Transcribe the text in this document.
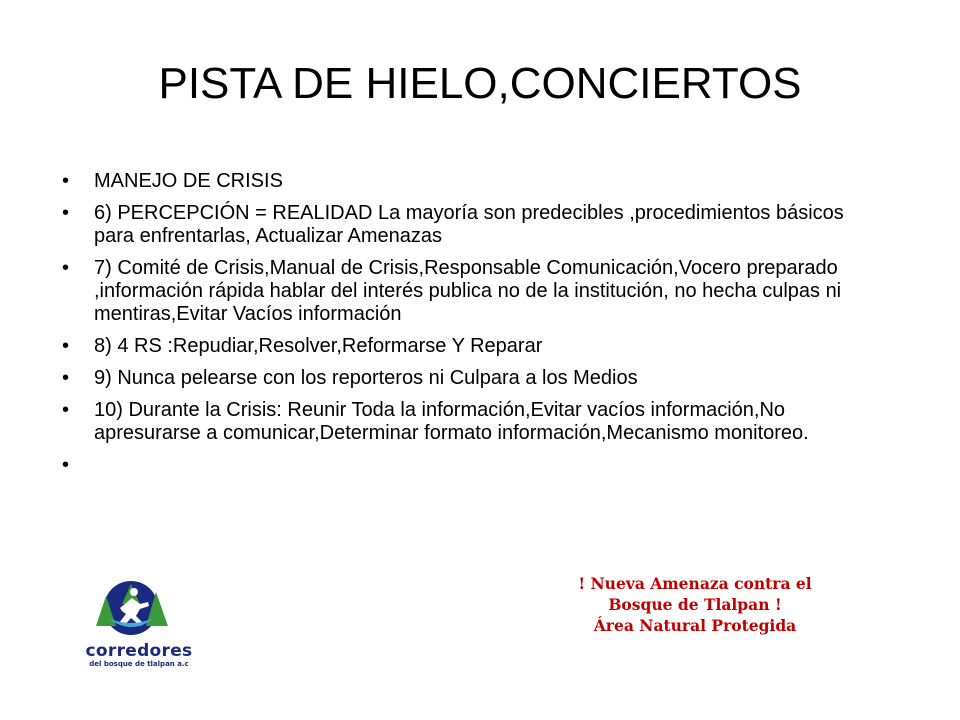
PISTA DE HIELO,CONCIERTOS
• MANEJO DE CRISIS
• 6) PERCEPCIÓN = REALIDAD La mayoría son predecibles ,procedimientos básicos para enfrentarlas, Actualizar Amenazas
• 7) Comité de Crisis,Manual de Crisis,Responsable Comunicación,Vocero preparado ,información rápida hablar del interés publica no de la institución, no hecha culpas ni mentiras,Evitar Vacíos información
• 8) 4 RS :Repudiar,Resolver,Reformarse Y Reparar
• 9) Nunca pelearse con los reporteros ni Culpara a los Medios
• 10) Durante la Crisis: Reunir Toda la información,Evitar vacíos información,No apresurarse a comunicar,Determinar formato información,Mecanismo monitoreo.
•
! Nueva Amenaza contra el
Bosque de Tlalpan !
Área Natural Protegida
corredores
del bosque de tlalpan a.c
